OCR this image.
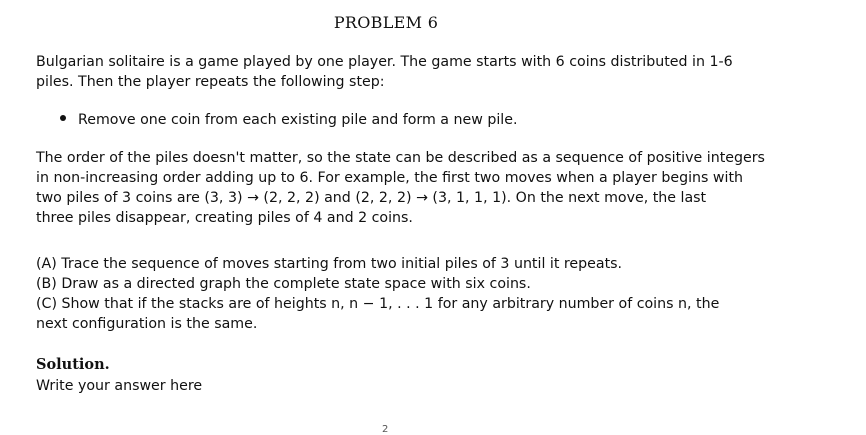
PROBLEM 6
Bulgarian solitaire is a game played by one player. The game starts with 6 coins distributed in 1-6
piles. Then the player repeats the following step:
Remove one coin from each existing pile and form a new pile.
The order of the piles doesn't matter, so the state can be described as a sequence of positive integers
in non-increasing order adding up to 6. For example, the first two moves when a player begins with
two piles of 3 coins are (3, 3) → (2, 2, 2) and (2, 2, 2) → (3, 1, 1, 1). On the next move, the last
three piles disappear, creating piles of 4 and 2 coins.
(A) Trace the sequence of moves starting from two initial piles of 3 until it repeats.
(B) Draw as a directed graph the complete state space with six coins.
(C) Show that if the stacks are of heights n, n − 1, . . . 1 for any arbitrary number of coins n, the
next configuration is the same.
Solution.
Write your answer here
2
